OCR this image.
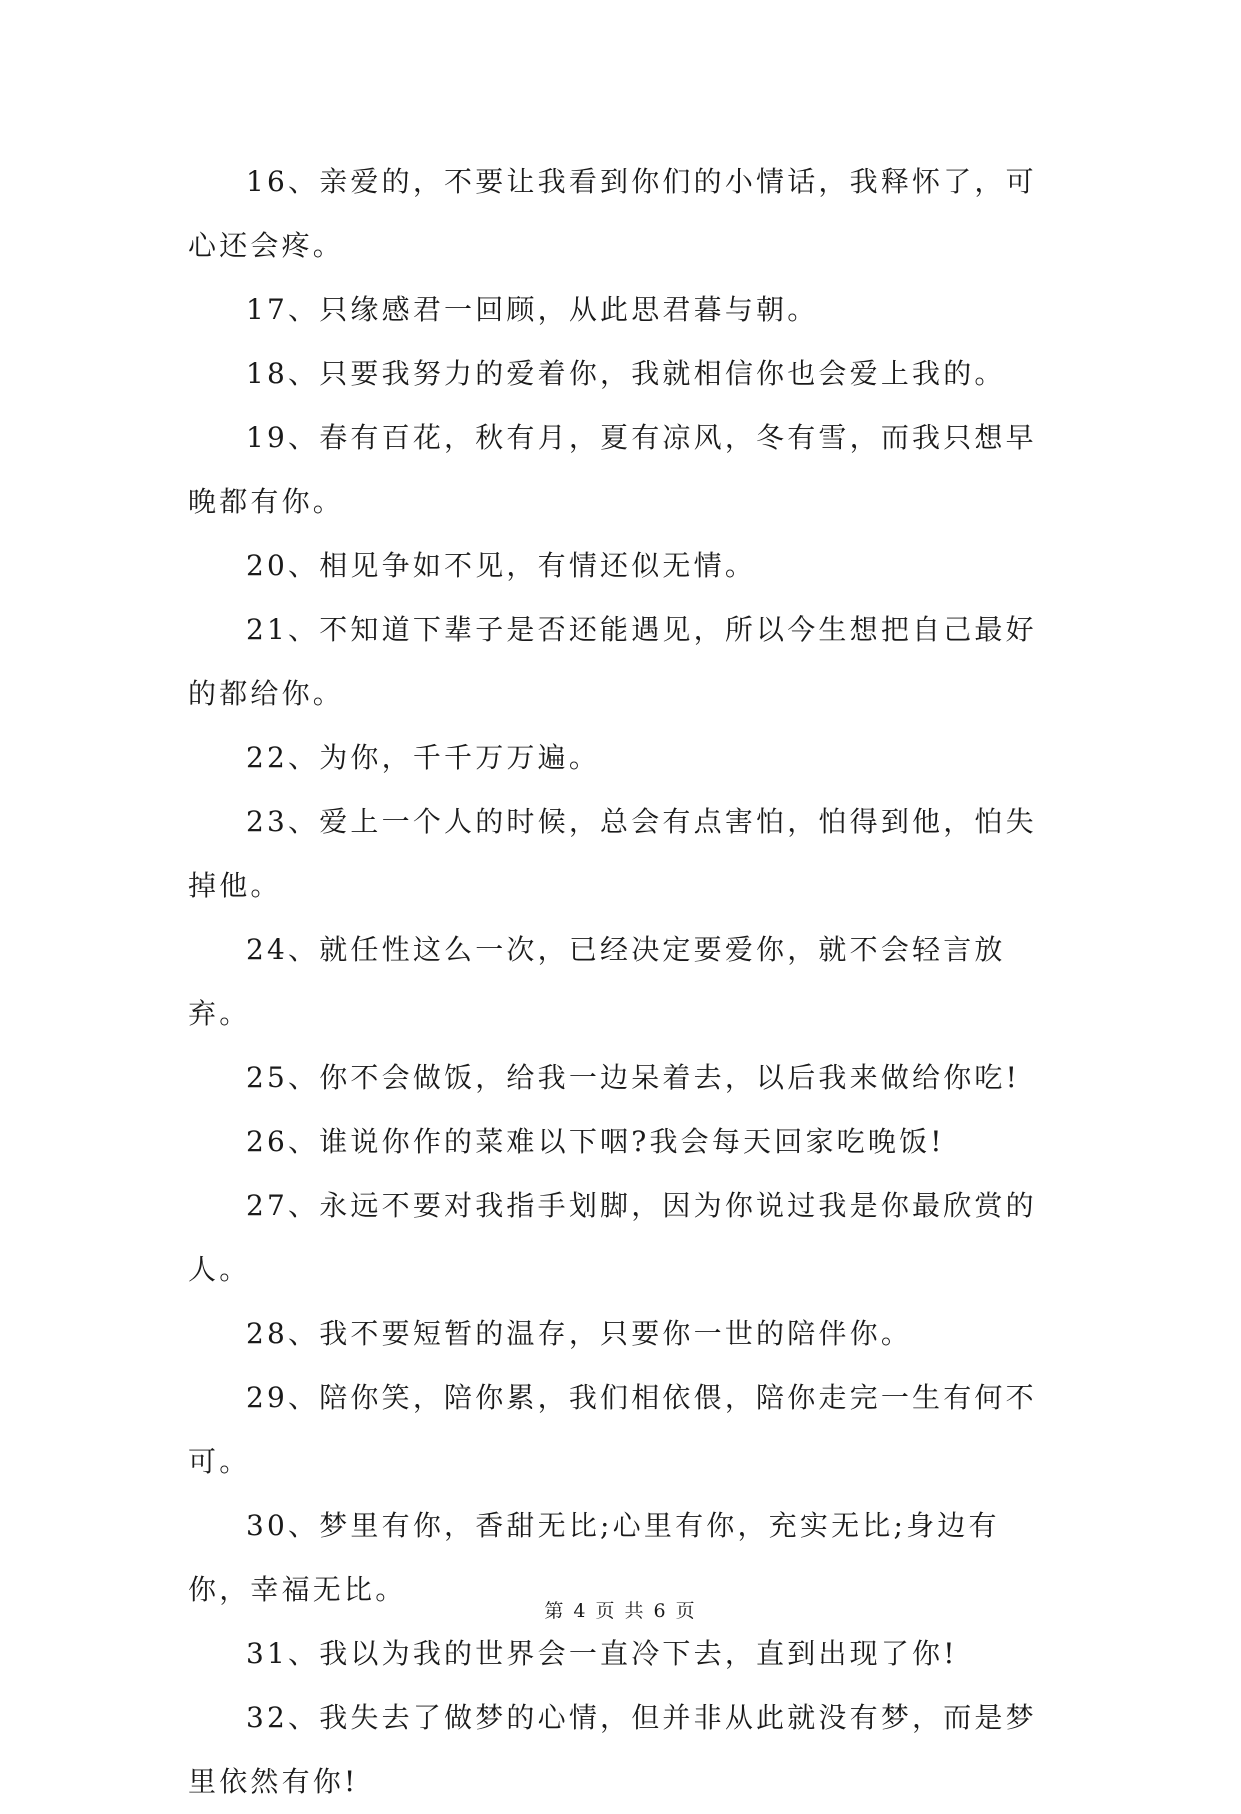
16、亲爱的，不要让我看到你们的小情话，我释怀了，可心还会疼。

17、只缘感君一回顾，从此思君暮与朝。

18、只要我努力的爱着你，我就相信你也会爱上我的。

19、春有百花，秋有月，夏有凉风，冬有雪，而我只想早晚都有你。

20、相见争如不见，有情还似无情。

21、不知道下辈子是否还能遇见，所以今生想把自己最好的都给你。

22、为你，千千万万遍。

23、爱上一个人的时候，总会有点害怕，怕得到他，怕失掉他。

24、就任性这么一次，已经决定要爱你，就不会轻言放弃。

25、你不会做饭，给我一边呆着去，以后我来做给你吃!

26、谁说你作的菜难以下咽?我会每天回家吃晚饭!

27、永远不要对我指手划脚，因为你说过我是你最欣赏的人。

28、我不要短暂的温存，只要你一世的陪伴你。

29、陪你笑，陪你累，我们相依偎，陪你走完一生有何不可。

30、梦里有你，香甜无比;心里有你，充实无比;身边有你，幸福无比。

31、我以为我的世界会一直冷下去，直到出现了你!

32、我失去了做梦的心情，但并非从此就没有梦，而是梦里依然有你!

第 4 页 共 6 页
